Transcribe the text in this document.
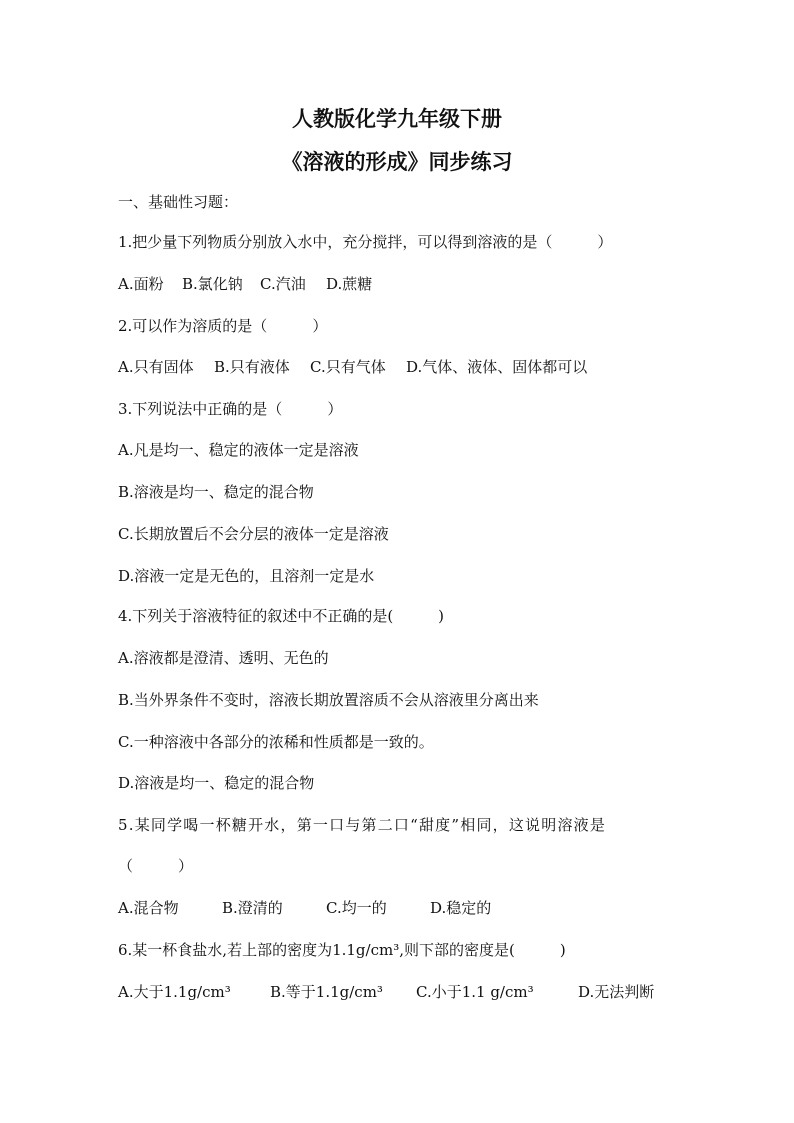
人教版化学九年级下册
《溶液的形成》同步练习
一、基础性习题：
1.把少量下列物质分别放入水中，充分搅拌，可以得到溶液的是（　　　）
A.面粉 B.氯化钠 C.汽油 D.蔗糖
2.可以作为溶质的是（　　　）
A.只有固体 B.只有液体 C.只有气体 D.气体、液体、固体都可以
3.下列说法中正确的是（　　　）
A.凡是均一、稳定的液体一定是溶液
B.溶液是均一、稳定的混合物
C.长期放置后不会分层的液体一定是溶液
D.溶液一定是无色的，且溶剂一定是水
4.下列关于溶液特征的叙述中不正确的是(　　　)
A.溶液都是澄清、透明、无色的
B.当外界条件不变时，溶液长期放置溶质不会从溶液里分离出来
C.一种溶液中各部分的浓稀和性质都是一致的。
D.溶液是均一、稳定的混合物
5.某同学喝一杯糖开水，第一口与第二口“甜度”相同，这说明溶液是
（　　　）
A.混合物	B.澄清的	C.均一的	D.稳定的
6.某一杯食盐水,若上部的密度为1.1g/cm³,则下部的密度是(　　　)
A.大于1.1g/cm³	B.等于1.1g/cm³ C.小于1.1 g/cm³	D.无法判断
